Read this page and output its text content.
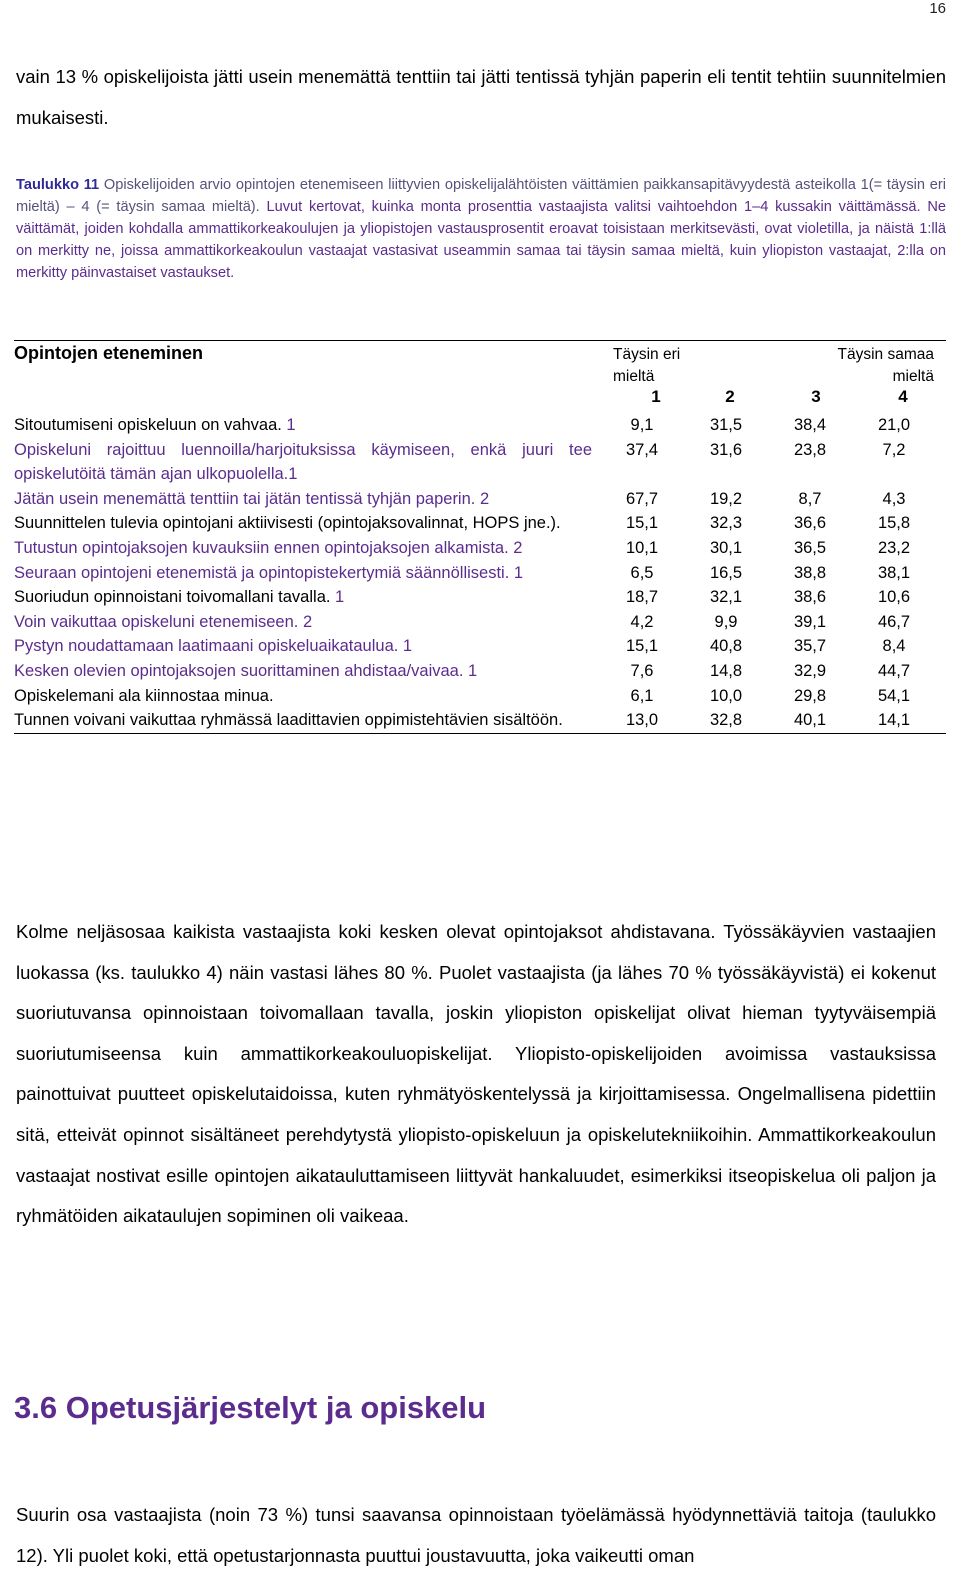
16
vain 13 % opiskelijoista jätti usein menemättä tenttiin tai jätti tentissä tyhjän paperin eli tentit tehtiin suunnitelmien mukaisesti.
Taulukko 11 Opiskelijoiden arvio opintojen etenemiseen liittyvien opiskelijalähtöisten väittämien paikkansapitävyydestä asteikolla 1(= täysin eri mieltä) – 4 (= täysin samaa mieltä). Luvut kertovat, kuinka monta prosenttia vastaajista valitsi vaihtoehdon 1–4 kussakin väittämässä. Ne väittämät, joiden kohdalla ammattikorkeakoulujen ja yliopistojen vastausprosentit eroavat toisistaan merkitsevästi, ovat violetilla, ja näistä 1:llä on merkitty ne, joissa ammattikorkeakoulun vastaajat vastasivat useammin samaa tai täysin samaa mieltä, kuin yliopiston vastaajat, 2:lla on merkitty päinvastaiset vastaukset.
Opintojen eteneminen	Täysin eri mieltä
Täysin samaa mieltä
1	2	3	4
Sitoutumiseni opiskeluun on vahvaa. 1	9,1	31,5	38,4	21,0
Opiskeluni rajoittuu luennoilla/harjoituksissa käymiseen, enkä juuri tee opiskelutöitä tämän ajan ulkopuolella.1
37,4	31,6	23,8	7,2
Jätän usein menemättä tenttiin tai jätän tentissä tyhjän paperin. 2	67,7	19,2	8,7	4,3
Suunnittelen tulevia opintojani aktiivisesti (opintojaksovalinnat, HOPS jne.).	15,1	32,3	36,6	15,8
Tutustun opintojaksojen kuvauksiin ennen opintojaksojen alkamista. 2	10,1	30,1	36,5	23,2
Seuraan opintojeni etenemistä ja opintopistekertymiä säännöllisesti. 1	6,5	16,5	38,8	38,1
Suoriudun opinnoistani toivomallani tavalla. 1	18,7	32,1	38,6	10,6
Voin vaikuttaa opiskeluni etenemiseen. 2	4,2	9,9	39,1	46,7
Pystyn noudattamaan laatimaani opiskeluaikataulua. 1	15,1	40,8	35,7	8,4
Kesken olevien opintojaksojen suorittaminen ahdistaa/vaivaa. 1	7,6	14,8	32,9	44,7
Opiskelemani ala kiinnostaa minua.	6,1	10,0	29,8	54,1
Tunnen voivani vaikuttaa ryhmässä laadittavien oppimistehtävien sisältöön.	13,0	32,8	40,1	14,1
Kolme neljäsosaa kaikista vastaajista koki kesken olevat opintojaksot ahdistavana. Työssäkäyvien vastaajien luokassa (ks. taulukko 4) näin vastasi lähes 80 %. Puolet vastaajista (ja lähes 70 % työssäkäyvistä) ei kokenut suoriutuvansa opinnoistaan toivomallaan tavalla, joskin yliopiston opiskelijat olivat hieman tyytyväisempiä suoriutumiseensa kuin ammattikorkeakouluopiskelijat. Yliopisto-opiskelijoiden avoimissa vastauksissa painottuivat puutteet opiskelutaidoissa, kuten ryhmätyöskentelyssä ja kirjoittamisessa. Ongelmallisena pidettiin sitä, etteivät opinnot sisältäneet perehdytystä yliopisto-opiskeluun ja opiskelutekniikoihin. Ammattikorkeakoulun vastaajat nostivat esille opintojen aikatauluttamiseen liittyvät hankaluudet, esimerkiksi itseopiskelua oli paljon ja ryhmätöiden aikataulujen sopiminen oli vaikeaa.
3.6 Opetusjärjestelyt ja opiskelu
Suurin osa vastaajista (noin 73 %) tunsi saavansa opinnoistaan työelämässä hyödynnettäviä taitoja (taulukko 12). Yli puolet koki, että opetustarjonnasta puuttui joustavuutta, joka vaikeutti oman
